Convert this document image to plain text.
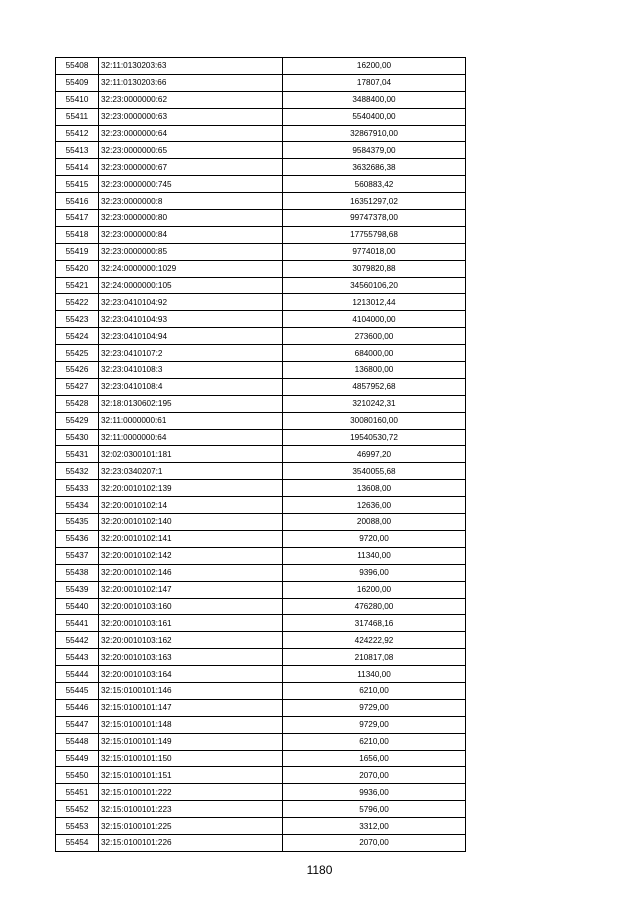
55408	32:11:0130203:63	16200,00
55409	32:11:0130203:66	17807,04
55410	32:23:0000000:62	3488400,00
55411	32:23:0000000:63	5540400,00
55412	32:23:0000000:64	32867910,00
55413	32:23:0000000:65	9584379,00
55414	32:23:0000000:67	3632686,38
55415	32:23:0000000:745	560883,42
55416	32:23:0000000:8	16351297,02
55417	32:23:0000000:80	99747378,00
55418	32:23:0000000:84	17755798,68
55419	32:23:0000000:85	9774018,00
55420	32:24:0000000:1029	3079820,88
55421	32:24:0000000:105	34560106,20
55422	32:23:0410104:92	1213012,44
55423	32:23:0410104:93	4104000,00
55424	32:23:0410104:94	273600,00
55425	32:23:0410107:2	684000,00
55426	32:23:0410108:3	136800,00
55427	32:23:0410108:4	4857952,68
55428	32:18:0130602:195	3210242,31
55429	32:11:0000000:61	30080160,00
55430	32:11:0000000:64	19540530,72
55431	32:02:0300101:181	46997,20
55432	32:23:0340207:1	3540055,68
55433	32:20:0010102:139	13608,00
55434	32:20:0010102:14	12636,00
55435	32:20:0010102:140	20088,00
55436	32:20:0010102:141	9720,00
55437	32:20:0010102:142	11340,00
55438	32:20:0010102:146	9396,00
55439	32:20:0010102:147	16200,00
55440	32:20:0010103:160	476280,00
55441	32:20:0010103:161	317468,16
55442	32:20:0010103:162	424222,92
55443	32:20:0010103:163	210817,08
55444	32:20:0010103:164	11340,00
55445	32:15:0100101:146	6210,00
55446	32:15:0100101:147	9729,00
55447	32:15:0100101:148	9729,00
55448	32:15:0100101:149	6210,00
55449	32:15:0100101:150	1656,00
55450	32:15:0100101:151	2070,00
55451	32:15:0100101:222	9936,00
55452	32:15:0100101:223	5796,00
55453	32:15:0100101:225	3312,00
55454	32:15:0100101:226	2070,00
1180
